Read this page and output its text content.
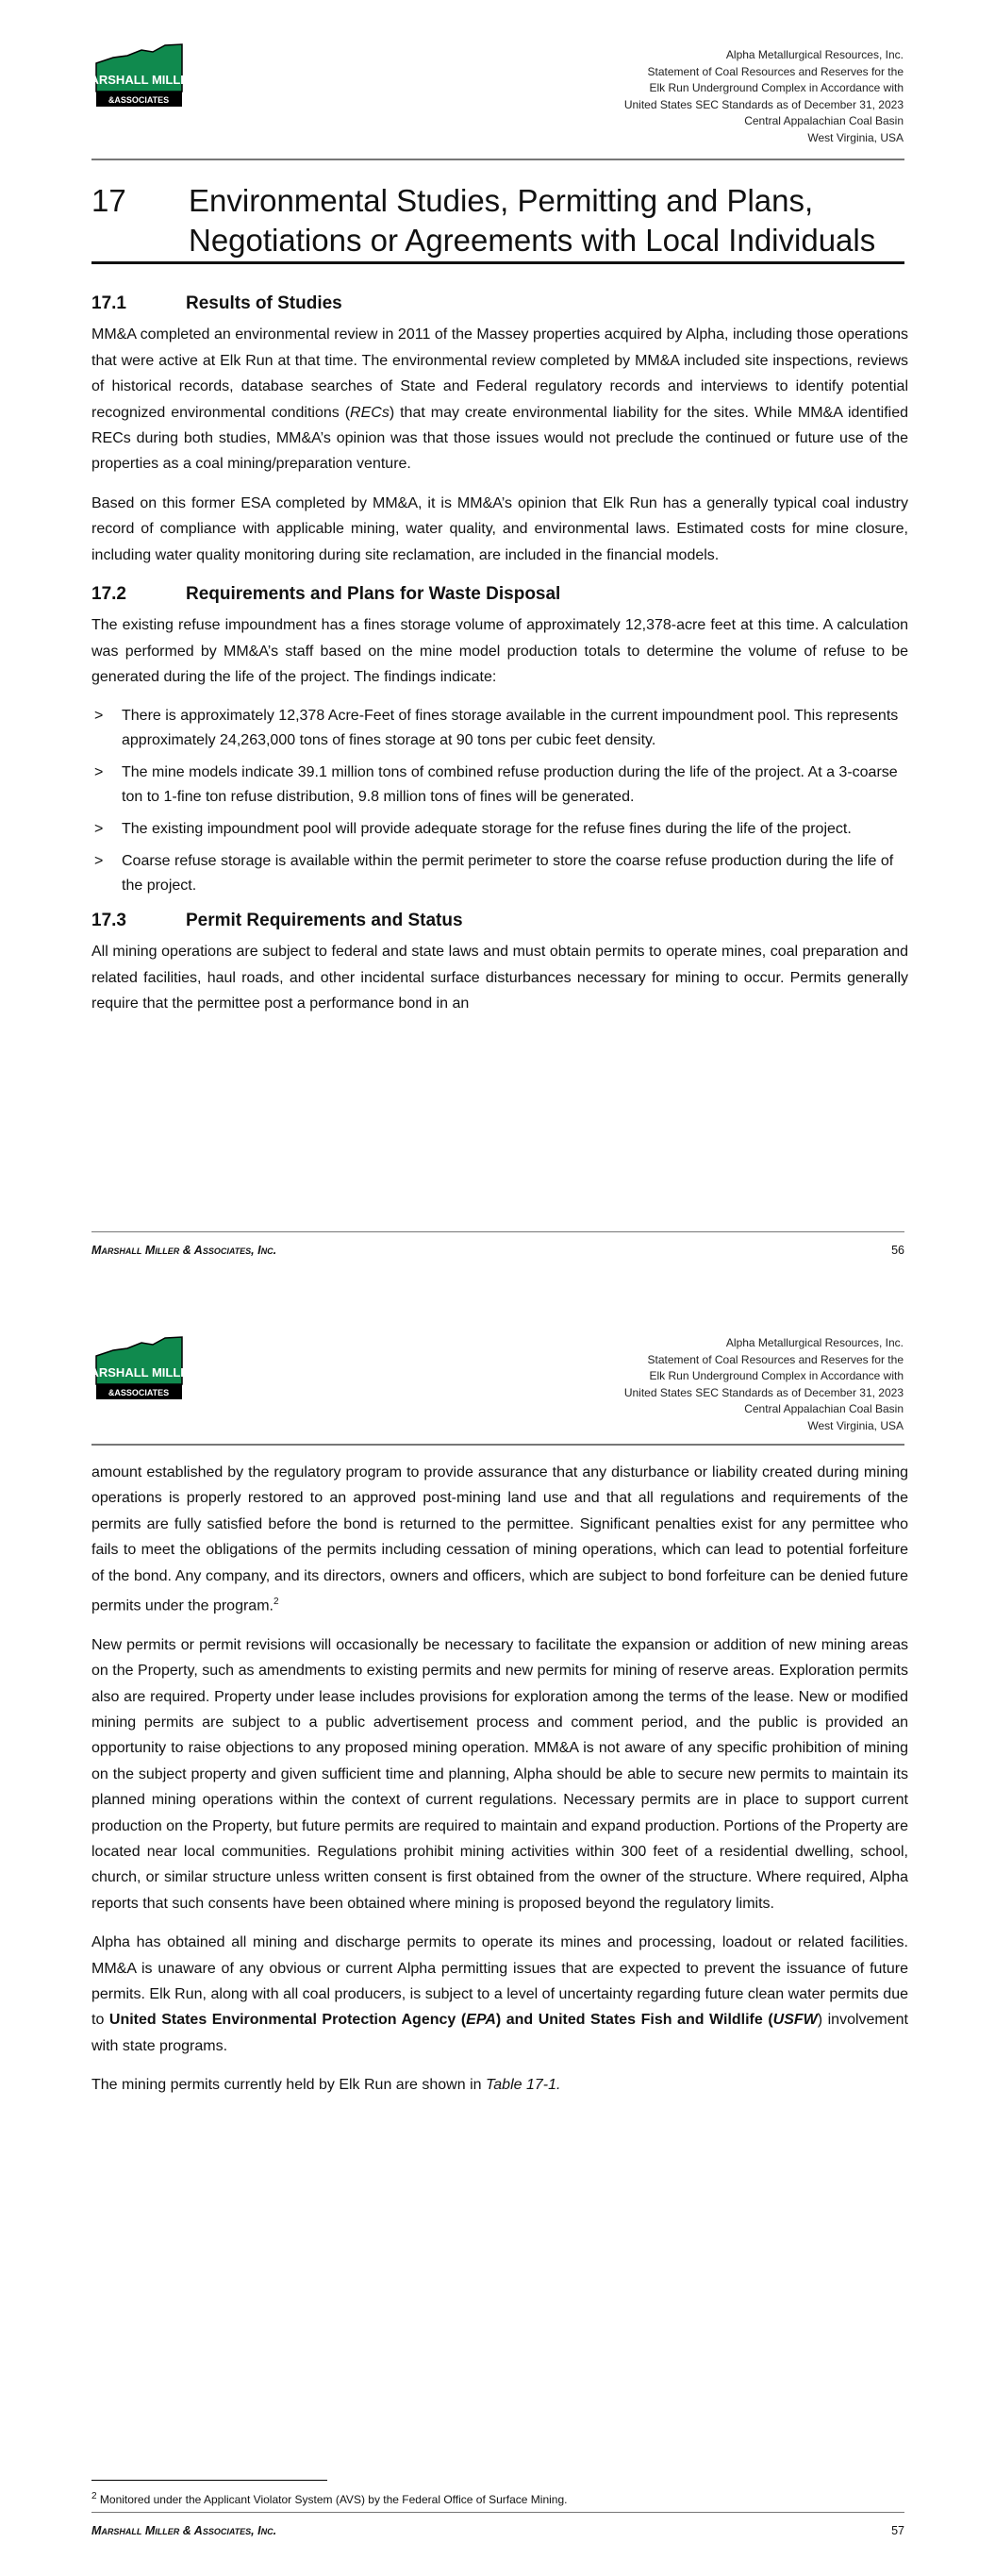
MARSHALL MILLER
&ASSOCIATES
Alpha Metallurgical Resources, Inc.
Statement of Coal Resources and Reserves for the
Elk Run Underground Complex in Accordance with
United States SEC Standards as of December 31, 2023
Central Appalachian Coal Basin
West Virginia, USA
17 Environmental Studies, Permitting and Plans, Negotiations or Agreements with Local Individuals
17.1	Results of Studies

MM&A completed an environmental review in 2011 of the Massey properties acquired by Alpha, including those operations that were active at Elk Run at that time. The environmental review completed by MM&A included site inspections, reviews of historical records, database searches of State and Federal regulatory records and interviews to identify potential recognized environmental conditions (RECs) that may create environmental liability for the sites. While MM&A identified RECs during both studies, MM&A’s opinion was that those issues would not preclude the continued or future use of the properties as a coal mining/preparation venture.

Based on this former ESA completed by MM&A, it is MM&A’s opinion that Elk Run has a generally typical coal industry record of compliance with applicable mining, water quality, and environmental laws. Estimated costs for mine closure, including water quality monitoring during site reclamation, are included in the financial models.

17.2	Requirements and Plans for Waste Disposal

The existing refuse impoundment has a fines storage volume of approximately 12,378-acre feet at this time. A calculation was performed by MM&A’s staff based on the mine model production totals to determine the volume of refuse to be generated during the life of the project. The findings indicate:

> There is approximately 12,378 Acre-Feet of fines storage available in the current impoundment pool. This represents approximately 24,263,000 tons of fines storage at 90 tons per cubic feet density.
> The mine models indicate 39.1 million tons of combined refuse production during the life of the project. At a 3-coarse ton to 1-fine ton refuse distribution, 9.8 million tons of fines will be generated.
> The existing impoundment pool will provide adequate storage for the refuse fines during the life of the project.
> Coarse refuse storage is available within the permit perimeter to store the coarse refuse production during the life of the project.
17.3	Permit Requirements and Status

All mining operations are subject to federal and state laws and must obtain permits to operate mines, coal preparation and related facilities, haul roads, and other incidental surface disturbances necessary for mining to occur. Permits generally require that the permittee post a performance bond in an

Marshall Miller & Associates, Inc.	56
MARSHALL MILLER
&ASSOCIATES
Alpha Metallurgical Resources, Inc.
Statement of Coal Resources and Reserves for the
Elk Run Underground Complex in Accordance with
United States SEC Standards as of December 31, 2023
Central Appalachian Coal Basin
West Virginia, USA

amount established by the regulatory program to provide assurance that any disturbance or liability created during mining operations is properly restored to an approved post-mining land use and that all regulations and requirements of the permits are fully satisfied before the bond is returned to the permittee. Significant penalties exist for any permittee who fails to meet the obligations of the permits including cessation of mining operations, which can lead to potential forfeiture of the bond. Any company, and its directors, owners and officers, which are subject to bond forfeiture can be denied future permits under the program.$^2$

New permits or permit revisions will occasionally be necessary to facilitate the expansion or addition of new mining areas on the Property, such as amendments to existing permits and new permits for mining of reserve areas. Exploration permits also are required. Property under lease includes provisions for exploration among the terms of the lease. New or modified mining permits are subject to a public advertisement process and comment period, and the public is provided an opportunity to raise objections to any proposed mining operation. MM&A is not aware of any specific prohibition of mining on the subject property and given sufficient time and planning, Alpha should be able to secure new permits to maintain its planned mining operations within the context of current regulations. Necessary permits are in place to support current production on the Property, but future permits are required to maintain and expand production. Portions of the Property are located near local communities. Regulations prohibit mining activities within 300 feet of a residential dwelling, school, church, or similar structure unless written consent is first obtained from the owner of the structure. Where required, Alpha reports that such consents have been obtained where mining is proposed beyond the regulatory limits.

Alpha has obtained all mining and discharge permits to operate its mines and processing, loadout or related facilities. MM&A is unaware of any obvious or current Alpha permitting issues that are expected to prevent the issuance of future permits. Elk Run, along with all coal producers, is subject to a level of uncertainty regarding future clean water permits due to United States Environmental Protection Agency (EPA) and United States Fish and Wildlife (USFW) involvement with state programs.

The mining permits currently held by Elk Run are shown in Table 17-1.

$^2$ Monitored under the Applicant Violator System (AVS) by the Federal Office of Surface Mining.
Marshall Miller & Associates, Inc.	57
